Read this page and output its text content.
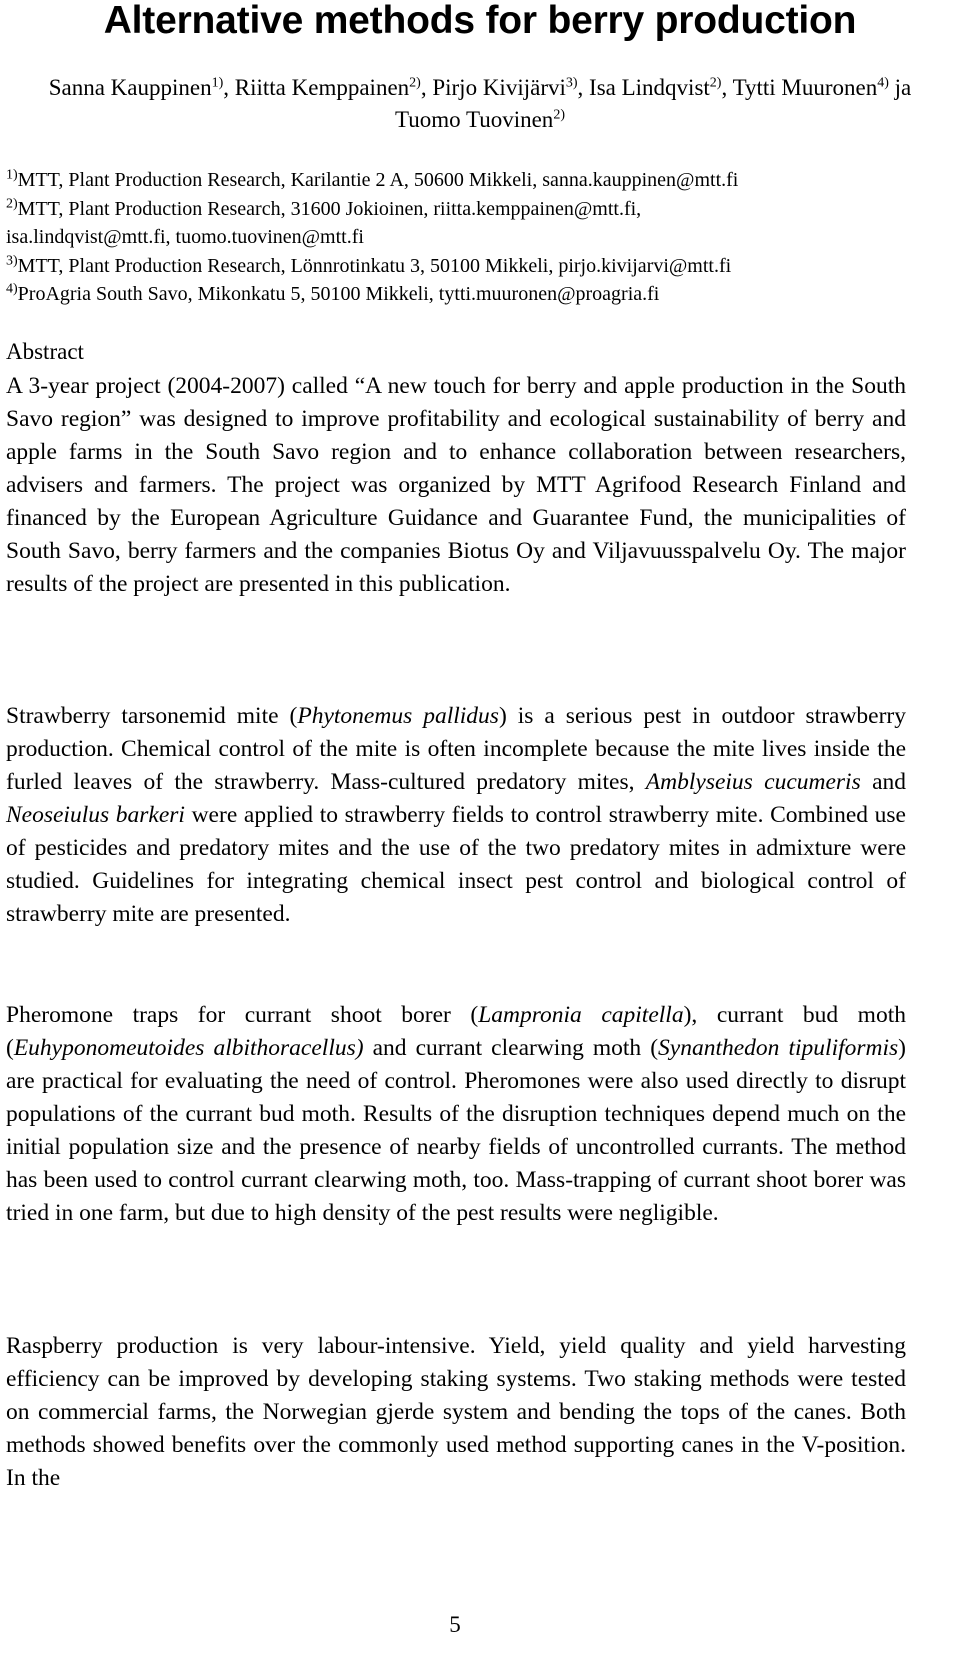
Alternative methods for berry production
Sanna Kauppinen$^{1)}$, Riitta Kemppainen$^{2)}$, Pirjo Kivijärvi$^{3)}$, Isa Lindqvist$^{2)}$, Tytti Muuronen$^{4)}$ ja Tuomo Tuovinen$^{2)}$
$^{1)}$MTT, Plant Production Research, Karilantie 2 A, 50600 Mikkeli, sanna.kauppinen@mtt.fi
$^{2)}$MTT, Plant Production Research, 31600 Jokioinen, riitta.kemppainen@mtt.fi,
isa.lindqvist@mtt.fi, tuomo.tuovinen@mtt.fi
$^{3)}$MTT, Plant Production Research, Lönnrotinkatu 3, 50100 Mikkeli, pirjo.kivijarvi@mtt.fi
$^{4)}$ProAgria South Savo, Mikonkatu 5, 50100 Mikkeli, tytti.muuronen@proagria.fi
Abstract
A 3-year project (2004-2007) called “A new touch for berry and apple production in the South Savo region” was designed to improve profitability and ecological sustainability of berry and apple farms in the South Savo region and to enhance collaboration between researchers, advisers and farmers. The project was organized by MTT Agrifood Research Finland and financed by the European Agriculture Guidance and Guarantee Fund, the municipalities of South Savo, berry farmers and the companies Biotus Oy and Viljavuusspalvelu Oy. The major results of the project are presented in this publication.
Strawberry tarsonemid mite (Phytonemus pallidus) is a serious pest in outdoor strawberry production. Chemical control of the mite is often incomplete because the mite lives inside the furled leaves of the strawberry. Mass-cultured predatory mites, Amblyseius cucumeris and Neoseiulus barkeri were applied to strawberry fields to control strawberry mite. Combined use of pesticides and predatory mites and the use of the two predatory mites in admixture were studied. Guidelines for integrating chemical insect pest control and biological control of strawberry mite are presented.
Pheromone traps for currant shoot borer (Lampronia capitella), currant bud moth (Euhyponomeutoides albithoracellus) and currant clearwing moth (Synanthedon tipuliformis) are practical for evaluating the need of control. Pheromones were also used directly to disrupt populations of the currant bud moth. Results of the disruption techniques depend much on the initial population size and the presence of nearby fields of uncontrolled currants. The method has been used to control currant clearwing moth, too. Mass-trapping of currant shoot borer was tried in one farm, but due to high density of the pest results were negligible.
Raspberry production is very labour-intensive. Yield, yield quality and yield harvesting efficiency can be improved by developing staking systems. Two staking methods were tested on commercial farms, the Norwegian gjerde system and bending the tops of the canes. Both methods showed benefits over the commonly used method supporting canes in the V-position. In the
5
